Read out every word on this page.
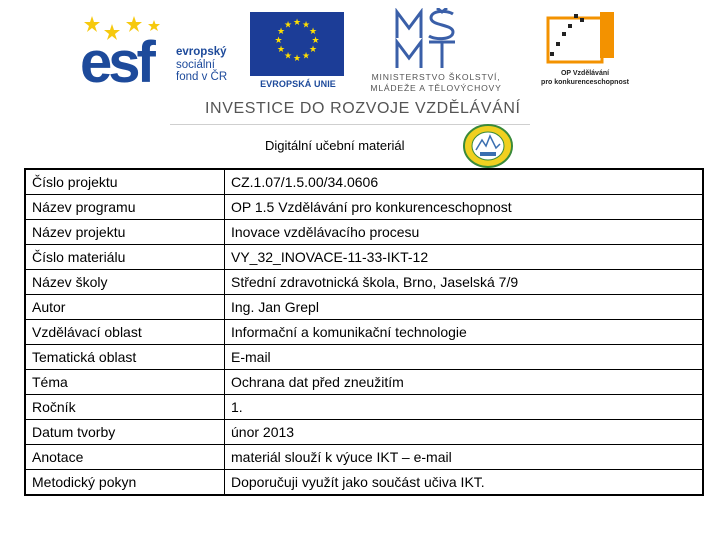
esf evropský
sociální
fond v ČR
★ ★
★
★
★
★
★
★
★
★
★
★
EVROPSKÁ UNIE
MINISTERSTVO ŠKOLSTVÍ,
MLÁDEŽE A TĚLOVÝCHOVY
OP Vzdělávání
pro konkurenceschopnost
INVESTICE DO ROZVOJE VZDĚLÁVÁNÍ
Digitální učební materiál
Číslo projektu	CZ.1.07/1.5.00/34.0606
Název programu	OP 1.5 Vzdělávání pro konkurenceschopnost
Název projektu	Inovace vzdělávacího procesu
Číslo materiálu	VY_32_INOVACE-11-33-IKT-12
Název školy	Střední zdravotnická škola, Brno, Jaselská 7/9
Autor	Ing. Jan Grepl
Vzdělávací oblast	Informační a komunikační technologie
Tematická oblast	E-mail
Téma	Ochrana dat před zneužitím
Ročník	1.
Datum tvorby	únor 2013
Anotace	materiál slouží k výuce IKT – e-mail
Metodický pokyn	Doporučuji využít jako součást učiva IKT.
